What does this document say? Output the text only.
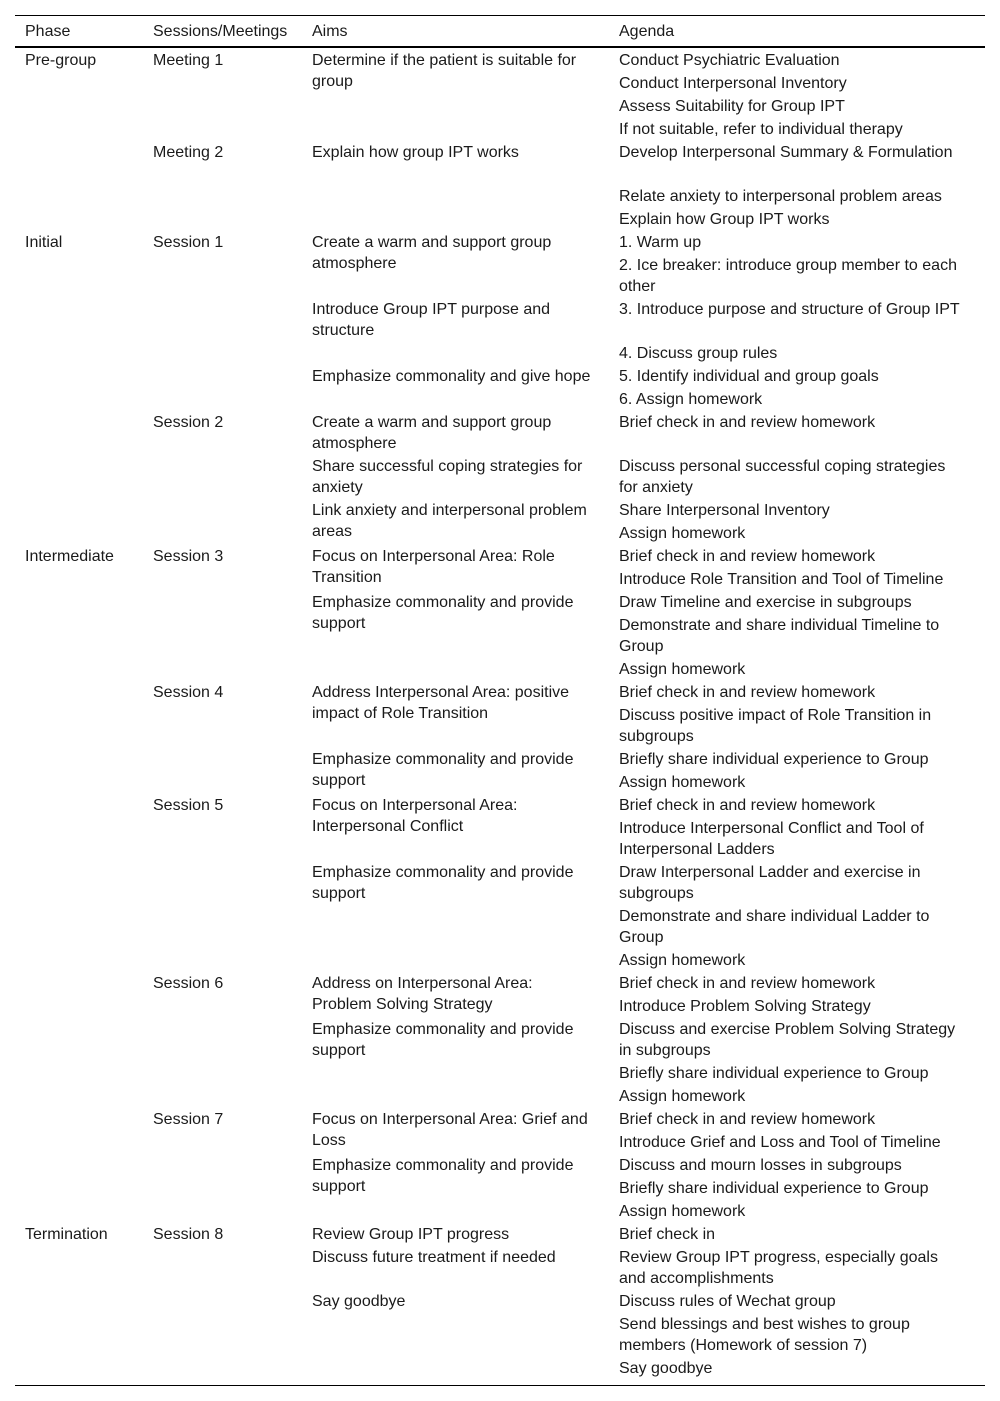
Phase	Sessions/Meetings Aims	Agenda
Pre-group
Initial
Intermediate
Termination
Meeting 1
Meeting 2
Session 1
Session 2
Session 3
Session 4
Session 5
Session 6
Session 7
Session 8
Determine if the patient is suitable for group
Explain how group IPT works
Create a warm and support group atmosphere
Introduce Group IPT purpose and structure
Emphasize commonality and give hope
Create a warm and support group atmosphere
Share successful coping strategies for anxiety
Link anxiety and interpersonal problem areas
Focus on Interpersonal Area: Role Transition
Emphasize commonality and provide support
Address Interpersonal Area: positive impact of Role Transition
Emphasize commonality and provide support
Focus on Interpersonal Area: Interpersonal Conflict
Emphasize commonality and provide support
Address on Interpersonal Area: Problem Solving Strategy
Emphasize commonality and provide support
Focus on Interpersonal Area: Grief and Loss
Emphasize commonality and provide support
Review Group IPT progress
Discuss future treatment if needed
Say goodbye
Conduct Psychiatric Evaluation
Conduct Interpersonal Inventory
Assess Suitability for Group IPT
If not suitable, refer to individual therapy
Develop Interpersonal Summary & Formulation
Relate anxiety to interpersonal problem areas
Explain how Group IPT works
1. Warm up
2. Ice breaker: introduce group member to each other
3. Introduce purpose and structure of Group IPT
4. Discuss group rules
5. Identify individual and group goals
6. Assign homework
Brief check in and review homework
Discuss personal successful coping strategies for anxiety
Share Interpersonal Inventory
Assign homework
Brief check in and review homework
Introduce Role Transition and Tool of Timeline
Draw Timeline and exercise in subgroups
Demonstrate and share individual Timeline to Group
Assign homework
Brief check in and review homework
Discuss positive impact of Role Transition in subgroups
Briefly share individual experience to Group
Assign homework
Brief check in and review homework
Introduce Interpersonal Conflict and Tool of Interpersonal Ladders
Draw Interpersonal Ladder and exercise in subgroups
Demonstrate and share individual Ladder to Group
Assign homework
Brief check in and review homework
Introduce Problem Solving Strategy
Discuss and exercise Problem Solving Strategy in subgroups
Briefly share individual experience to Group
Assign homework
Brief check in and review homework
Introduce Grief and Loss and Tool of Timeline
Discuss and mourn losses in subgroups
Briefly share individual experience to Group
Assign homework
Brief check in
Review Group IPT progress, especially goals and accomplishments
Discuss rules of Wechat group
Send blessings and best wishes to group members (Homework of session 7)
Say goodbye
